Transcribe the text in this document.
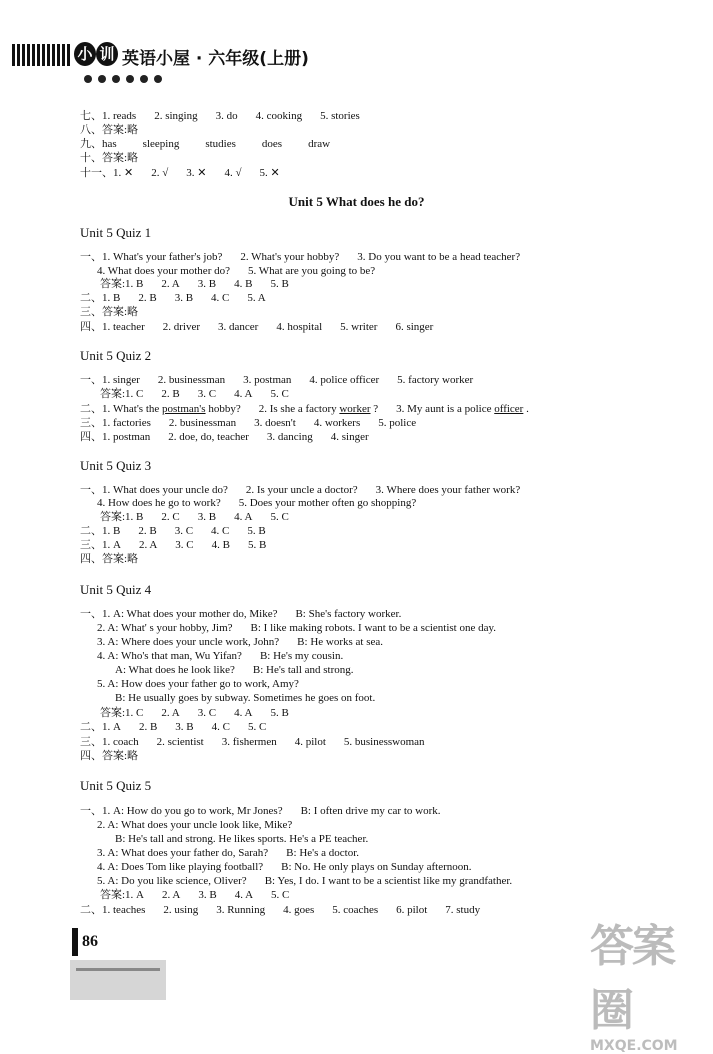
小 训 英语小屋 · 六年级(上册)
七、1. reads 2. singing 3. do 4. cooking 5. stories
八、答案:略
九、has sleeping studies does draw
十、答案:略
十一、1. ✕ 2. √ 3. ✕ 4. √ 5. ✕
Unit 5 What does he do?
Unit 5 Quiz 1
一、1. What's your father's job? 2. What's your hobby? 3. Do you want to be a head teacher?
4. What does your mother do? 5. What are you going to be?
答案:1. B 2. A 3. B 4. B 5. B
二、1. B 2. B 3. B 4. C 5. A
三、答案:略
四、1. teacher 2. driver 3. dancer 4. hospital 5. writer 6. singer
Unit 5 Quiz 2
一、1. singer 2. businessman 3. postman 4. police officer 5. factory worker
答案:1. C 2. B 3. C 4. A 5. C
二、1. What's the postman's hobby? 2. Is she a factory worker ? 3. My aunt is a police officer .
三、1. factories 2. businessman 3. doesn't 4. workers 5. police
四、1. postman 2. doe, do, teacher 3. dancing 4. singer
Unit 5 Quiz 3
一、1. What does your uncle do? 2. Is your uncle a doctor? 3. Where does your father work?
4. How does he go to work? 5. Does your mother often go shopping?
答案:1. B 2. C 3. B 4. A 5. C
二、1. B 2. B 3. C 4. C 5. B
三、1. A 2. A 3. C 4. B 5. B
四、答案:略
Unit 5 Quiz 4
一、1. A: What does your mother do, Mike? B: She's factory worker.
2. A: What' s your hobby, Jim? B: I like making robots. I want to be a scientist one day.
3. A: Where does your uncle work, John? B: He works at sea.
4. A: Who's that man, Wu Yifan? B: He's my cousin.
A: What does he look like? B: He's tall and strong.
5. A: How does your father go to work, Amy?
B: He usually goes by subway. Sometimes he goes on foot.
答案:1. C 2. A 3. C 4. A 5. B
二、1. A 2. B 3. B 4. C 5. C
三、1. coach 2. scientist 3. fishermen 4. pilot 5. businesswoman
四、答案:略
Unit 5 Quiz 5
一、1. A: How do you go to work, Mr Jones? B: I often drive my car to work.
2. A: What does your uncle look like, Mike?
B: He's tall and strong. He likes sports. He's a PE teacher.
3. A: What does your father do, Sarah? B: He's a doctor.
4. A: Does Tom like playing football? B: No. He only plays on Sunday afternoon.
5. A: Do you like science, Oliver? B: Yes, I do. I want to be a scientist like my grandfather.
答案:1. A 2. A 3. B 4. A 5. C
二、1. teaches 2. using 3. Running 4. goes 5. coaches 6. pilot 7. study
86	答案圈
MXQE.COM
